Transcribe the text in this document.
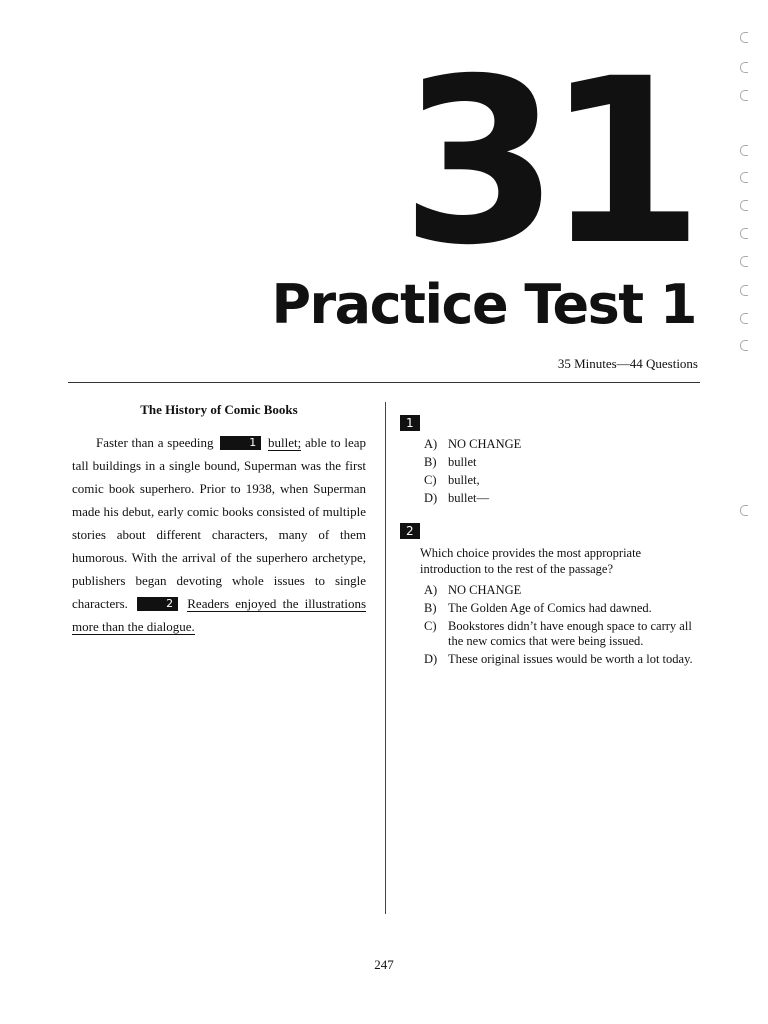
31
Practice Test 1
35 Minutes—44 Questions
The History of Comic Books

Faster than a speeding	1 bullet; able to leap tall buildings in a single bound, Superman was the first comic book superhero. Prior to 1938, when Superman made his debut, early comic books consisted of multiple stories about different characters, many of them humorous. With the arrival of the superhero archetype, publishers began devoting whole issues to single characters.	2 Readers enjoyed the illustrations more than the dialogue.

1
A) NO CHANGE
B) bullet
C) bullet,
D) bullet—
2

Which choice provides the most appropriate introduction to the rest of the passage?

A) NO CHANGE
B) The Golden Age of Comics had dawned.
C) Bookstores didn’t have enough space to carry all the new comics that were being issued.
D) These original issues would be worth a lot today.
247
